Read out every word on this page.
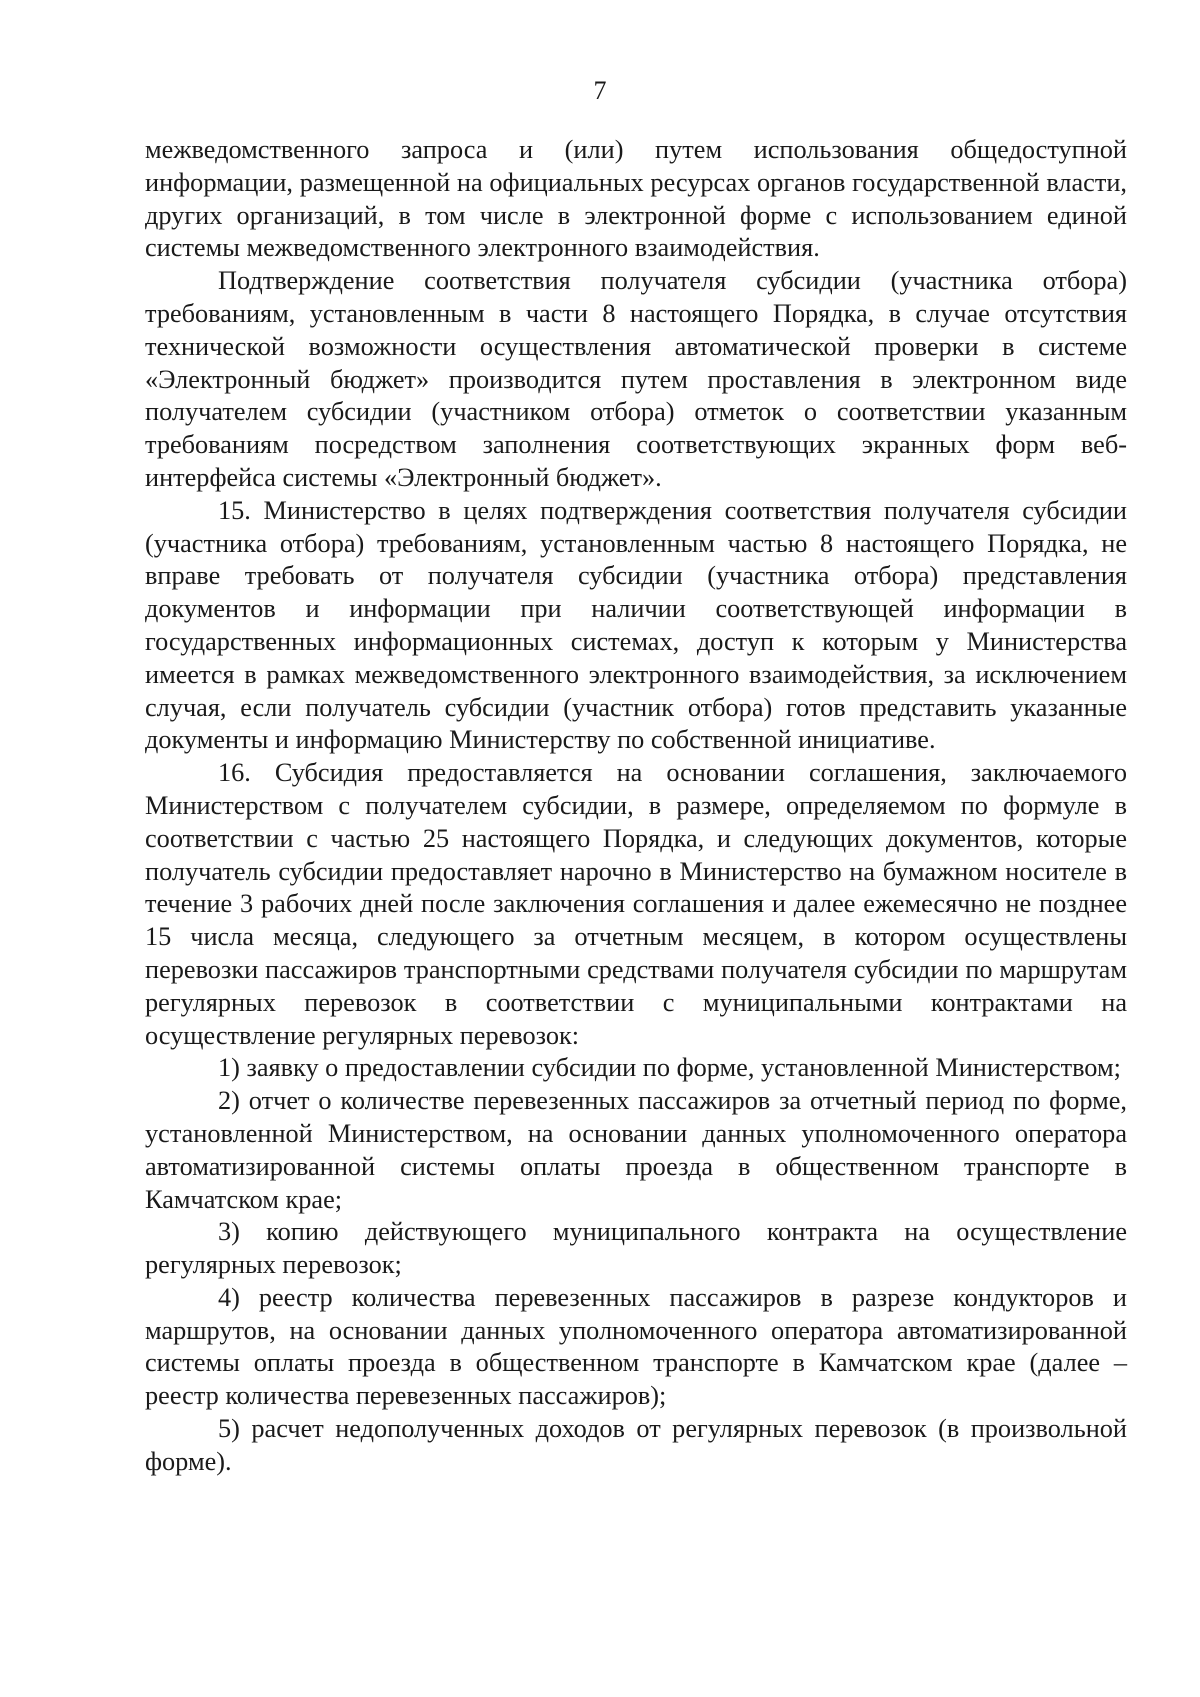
7

межведомственного запроса и (или) путем использования общедоступной информации, размещенной на официальных ресурсах органов государственной власти, других организаций, в том числе в электронной форме с использованием единой системы межведомственного электронного взаимодействия.

Подтверждение соответствия получателя субсидии (участника отбора) требованиям, установленным в части 8 настоящего Порядка, в случае отсутствия технической возможности осуществления автоматической проверки в системе «Электронный бюджет» производится путем проставления в электронном виде получателем субсидии (участником отбора) отметок о соответствии указанным требованиям посредством заполнения соответствующих экранных форм веб-интерфейса системы «Электронный бюджет».

15. Министерство в целях подтверждения соответствия получателя субсидии (участника отбора) требованиям, установленным частью 8 настоящего Порядка, не вправе требовать от получателя субсидии (участника отбора) представления документов и информации при наличии соответствующей информации в государственных информационных системах, доступ к которым у Министерства имеется в рамках межведомственного электронного взаимодействия, за исключением случая, если получатель субсидии (участник отбора) готов представить указанные документы и информацию Министерству по собственной инициативе.

16. Субсидия предоставляется на основании соглашения, заключаемого Министерством с получателем субсидии, в размере, определяемом по формуле в соответствии с частью 25 настоящего Порядка, и следующих документов, которые получатель субсидии предоставляет нарочно в Министерство на бумажном носителе в течение 3 рабочих дней после заключения соглашения и далее ежемесячно не позднее 15 числа месяца, следующего за отчетным месяцем, в котором осуществлены перевозки пассажиров транспортными средствами получателя субсидии по маршрутам регулярных перевозок в соответствии с муниципальными контрактами на осуществление регулярных перевозок:

1) заявку о предоставлении субсидии по форме, установленной Министерством;

2) отчет о количестве перевезенных пассажиров за отчетный период по форме, установленной Министерством, на основании данных уполномоченного оператора автоматизированной системы оплаты проезда в общественном транспорте в Камчатском крае;

3) копию действующего муниципального контракта на осуществление регулярных перевозок;

4) реестр количества перевезенных пассажиров в разрезе кондукторов и маршрутов, на основании данных уполномоченного оператора автоматизированной системы оплаты проезда в общественном транспорте в Камчатском крае (далее – реестр количества перевезенных пассажиров);

5) расчет недополученных доходов от регулярных перевозок (в произвольной форме).
